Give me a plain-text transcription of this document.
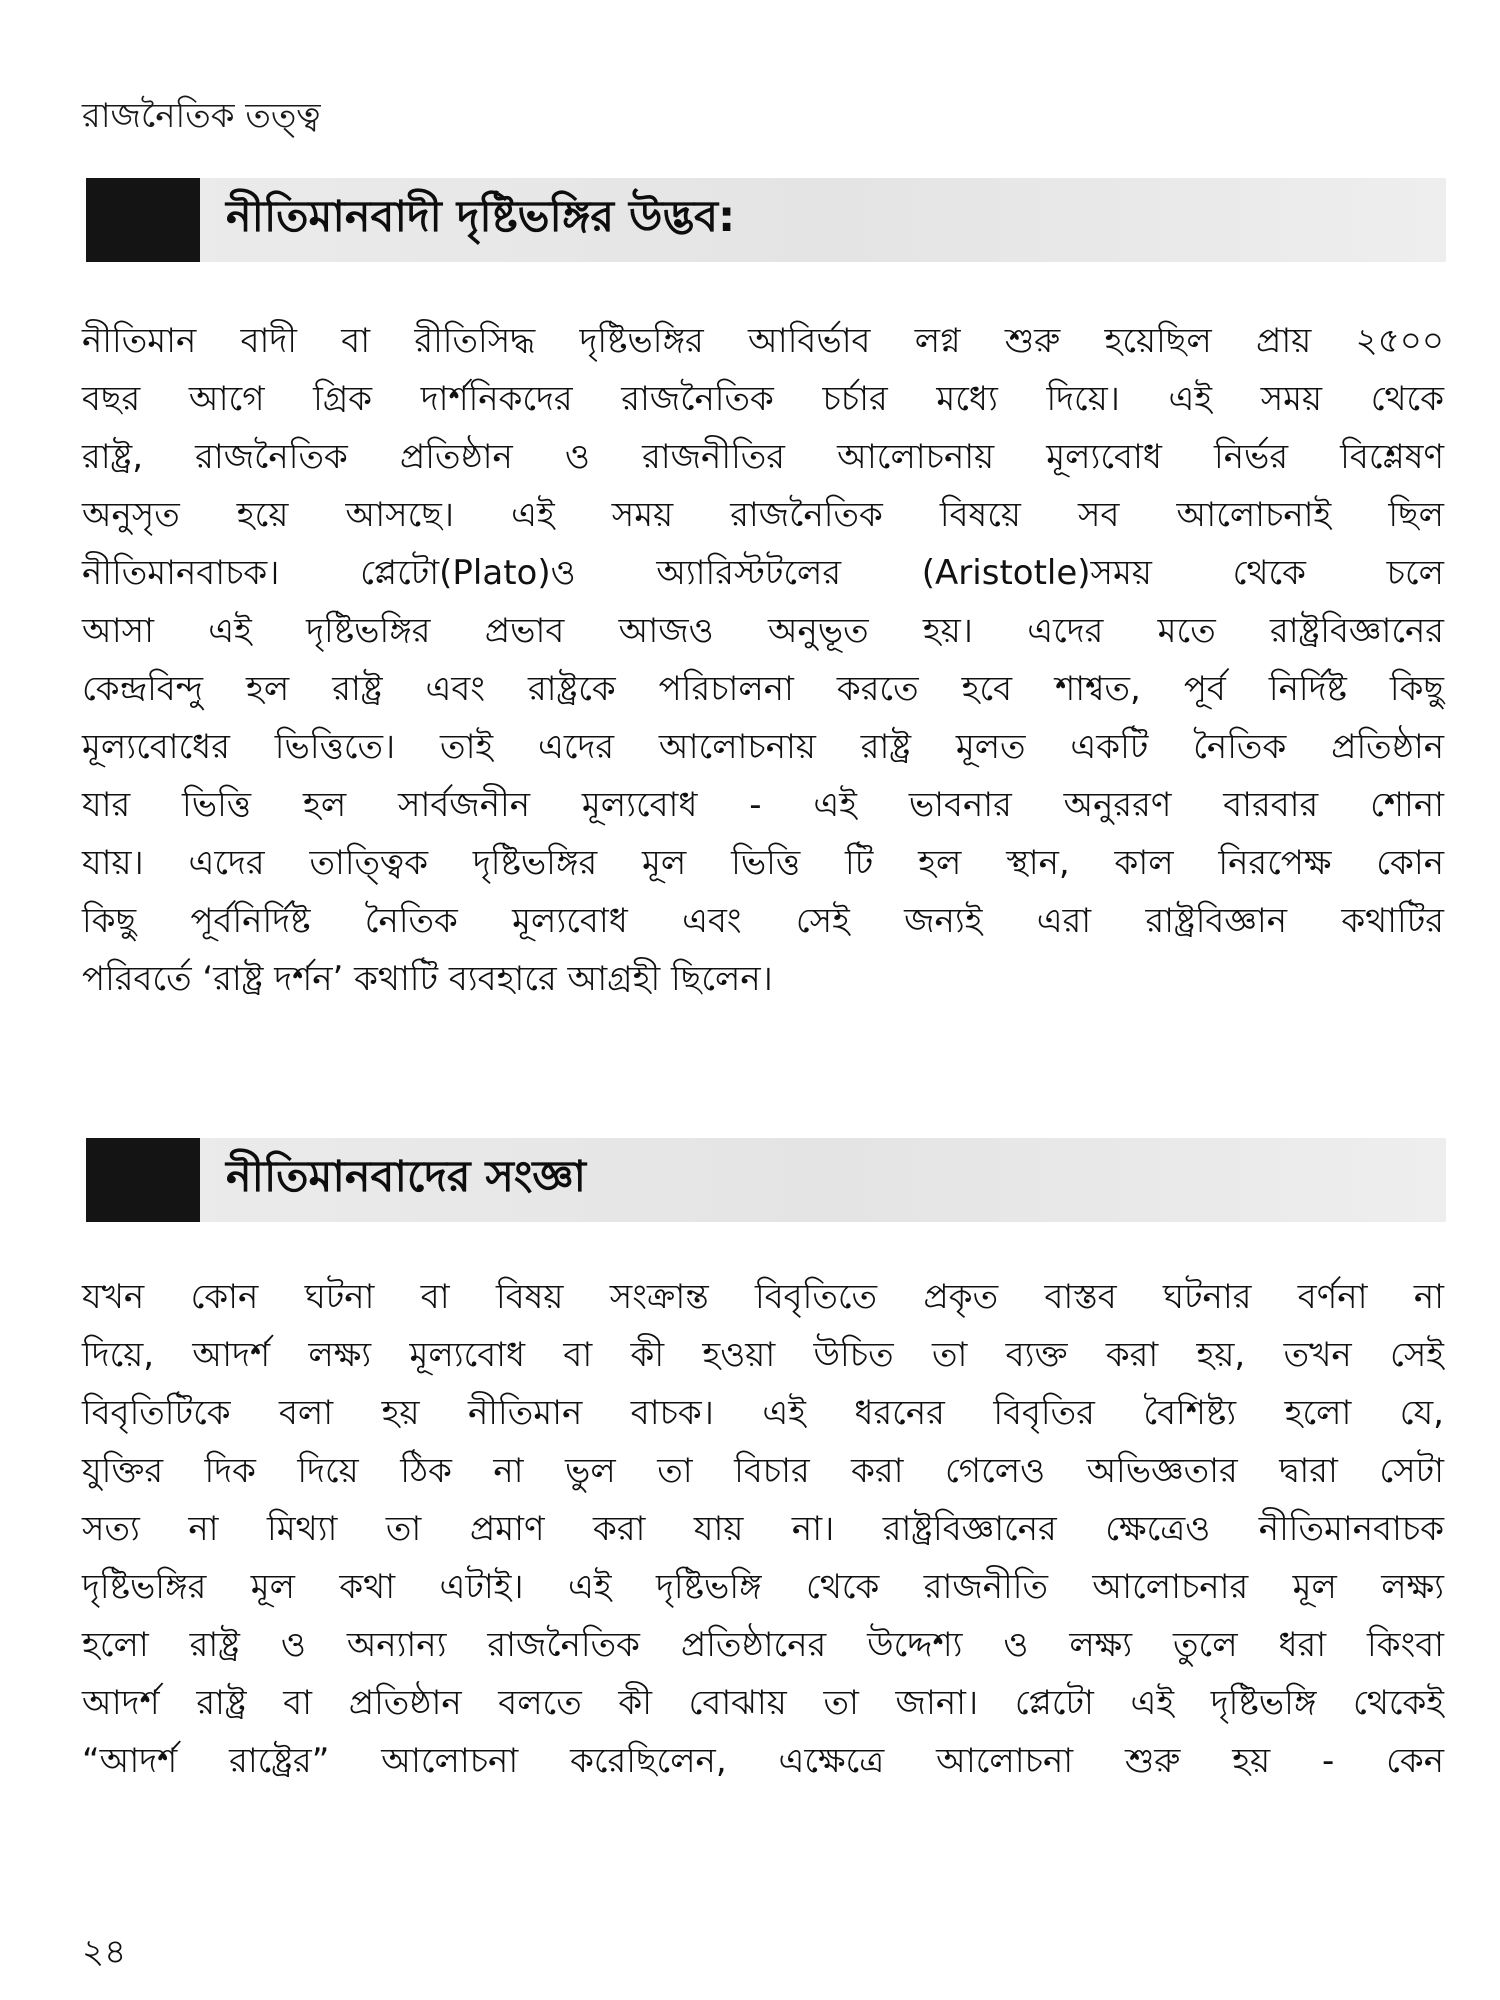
রাজনৈতিক তত্ত্ব
নীতিমানবাদী দৃষ্টিভঙ্গির উদ্ভব:
নীতিমান বাদী বা রীতিসিদ্ধ দৃষ্টিভঙ্গির আবির্ভাব লগ্ন শুরু হয়েছিল প্রায় ২৫০০
বছর আগে গ্রিক দার্শনিকদের রাজনৈতিক চর্চার মধ্যে দিয়ে। এই সময় থেকে
রাষ্ট্র, রাজনৈতিক প্রতিষ্ঠান ও রাজনীতির আলোচনায় মূল্যবোধ নির্ভর বিশ্লেষণ
অনুসৃত হয়ে আসছে। এই সময় রাজনৈতিক বিষয়ে সব আলোচনাই ছিল
নীতিমানবাচক। প্লেটো(Plato)ও অ্যারিস্টটলের (Aristotle)সময় থেকে চলে
আসা এই দৃষ্টিভঙ্গির প্রভাব আজও অনুভূত হয়। এদের মতে রাষ্ট্রবিজ্ঞানের
কেন্দ্রবিন্দু হল রাষ্ট্র এবং রাষ্ট্রকে পরিচালনা করতে হবে শাশ্বত, পূর্ব নির্দিষ্ট কিছু
মূল্যবোধের ভিত্তিতে। তাই এদের আলোচনায় রাষ্ট্র মূলত একটি নৈতিক প্রতিষ্ঠান
যার ভিত্তি হল সার্বজনীন মূল্যবোধ - এই ভাবনার অনুররণ বারবার শোনা
যায়। এদের তাত্ত্বিক দৃষ্টিভঙ্গির মূল ভিত্তি টি হল স্থান, কাল নিরপেক্ষ কোন
কিছু পূর্বনির্দিষ্ট নৈতিক মূল্যবোধ এবং সেই জন্যই এরা রাষ্ট্রবিজ্ঞান কথাটির
পরিবর্তে ‘রাষ্ট্র দর্শন’ কথাটি ব্যবহারে আগ্রহী ছিলেন।
নীতিমানবাদের সংজ্ঞা
যখন কোন ঘটনা বা বিষয় সংক্রান্ত বিবৃতিতে প্রকৃত বাস্তব ঘটনার বর্ণনা না
দিয়ে, আদর্শ লক্ষ্য মূল্যবোধ বা কী হওয়া উচিত তা ব্যক্ত করা হয়, তখন সেই
বিবৃতিটিকে বলা হয় নীতিমান বাচক। এই ধরনের বিবৃতির বৈশিষ্ট্য হলো যে,
যুক্তির দিক দিয়ে ঠিক না ভুল তা বিচার করা গেলেও অভিজ্ঞতার দ্বারা সেটা
সত্য না মিথ্যা তা প্রমাণ করা যায় না। রাষ্ট্রবিজ্ঞানের ক্ষেত্রেও নীতিমানবাচক
দৃষ্টিভঙ্গির মূল কথা এটাই। এই দৃষ্টিভঙ্গি থেকে রাজনীতি আলোচনার মূল লক্ষ্য
হলো রাষ্ট্র ও অন্যান্য রাজনৈতিক প্রতিষ্ঠানের উদ্দেশ্য ও লক্ষ্য তুলে ধরা কিংবা
আদর্শ রাষ্ট্র বা প্রতিষ্ঠান বলতে কী বোঝায় তা জানা। প্লেটো এই দৃষ্টিভঙ্গি থেকেই
“আদর্শ রাষ্ট্রের” আলোচনা করেছিলেন, এক্ষেত্রে আলোচনা শুরু হয় - কেন
২৪
